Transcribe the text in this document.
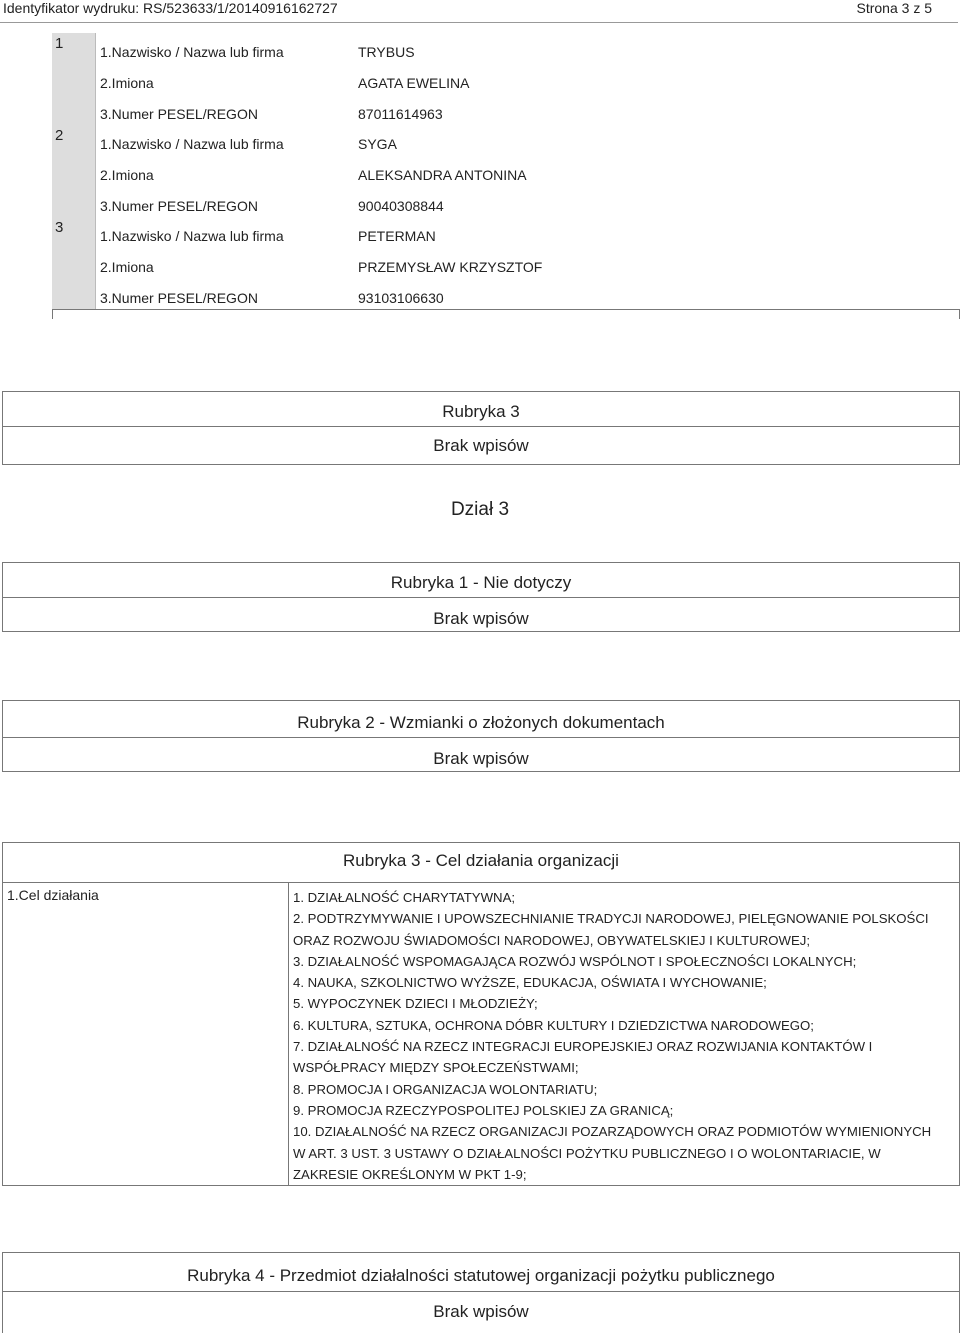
Identyfikator wydruku: RS/523633/1/20140916162727	Strona 3 z 5
1	1.Nazwisko / Nazwa lub firma	TRYBUS
2.Imiona	AGATA EWELINA
3.Numer PESEL/REGON	87011614963
2	1.Nazwisko / Nazwa lub firma	SYGA
2.Imiona	ALEKSANDRA ANTONINA
3.Numer PESEL/REGON	90040308844
3	1.Nazwisko / Nazwa lub firma	PETERMAN
2.Imiona	PRZEMYSŁAW KRZYSZTOF
3.Numer PESEL/REGON	93103106630
Rubryka 3
Brak wpisów
Dział 3
Rubryka 1 - Nie dotyczy
Brak wpisów
Rubryka 2 - Wzmianki o złożonych dokumentach
Brak wpisów
Rubryka 3 - Cel działania organizacji
1.Cel działania	1. DZIAŁALNOŚĆ CHARYTATYWNA;
2. PODTRZYMYWANIE I UPOWSZECHNIANIE TRADYCJI NARODOWEJ, PIELĘGNOWANIE POLSKOŚCI
ORAZ ROZWOJU ŚWIADOMOŚCI NARODOWEJ, OBYWATELSKIEJ I KULTUROWEJ;
3. DZIAŁALNOŚĆ WSPOMAGAJĄCA ROZWÓJ WSPÓLNOT I SPOŁECZNOŚCI LOKALNYCH;
4. NAUKA, SZKOLNICTWO WYŻSZE, EDUKACJA, OŚWIATA I WYCHOWANIE;
5. WYPOCZYNEK DZIECI I MŁODZIEŻY;
6. KULTURA, SZTUKA, OCHRONA DÓBR KULTURY I DZIEDZICTWA NARODOWEGO;
7. DZIAŁALNOŚĆ NA RZECZ INTEGRACJI EUROPEJSKIEJ ORAZ ROZWIJANIA KONTAKTÓW I
WSPÓŁPRACY MIĘDZY SPOŁECZEŃSTWAMI;
8. PROMOCJA I ORGANIZACJA WOLONTARIATU;
9. PROMOCJA RZECZYPOSPOLITEJ POLSKIEJ ZA GRANICĄ;
10. DZIAŁALNOŚĆ NA RZECZ ORGANIZACJI POZARZĄDOWYCH ORAZ PODMIOTÓW WYMIENIONYCH
W ART. 3 UST. 3 USTAWY O DZIAŁALNOŚCI POŻYTKU PUBLICZNEGO I O WOLONTARIACIE, W
ZAKRESIE OKREŚLONYM W PKT 1-9;
Rubryka 4 - Przedmiot działalności statutowej organizacji pożytku publicznego
Brak wpisów
